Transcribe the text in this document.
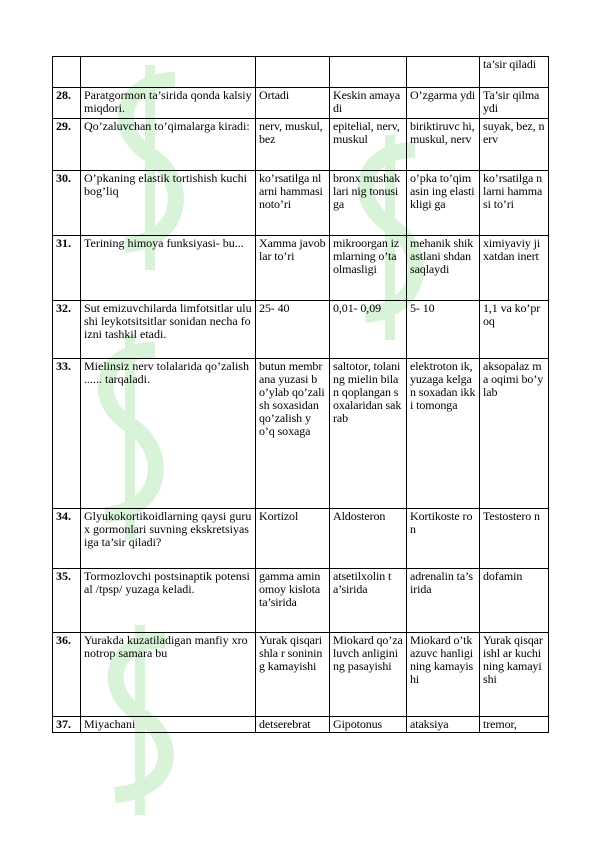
					ta’sir qiladi
28.	Paratgormon ta’sirida qonda kalsiy miqdori.	Ortadi	Keskin amayadi	O’zgarma ydi	Ta’sir qilmaydi
29.	Qo’zaluvchan to’qimalarga kiradi:	nerv, muskul, bez	epitelial, nerv, muskul	biriktiruvc hi, muskul, nerv	suyak, bez, nerv
30.	O’pkaning elastik tortishish kuchi bog’liq	ko’rsatilga nlarni hammasi noto’ri	bronx mushaklari nig tonusiga	o’pka to’qimasin ing elastikligi ga	ko’rsatilga nlarni hammasi to’ri
31.	Terining himoya funksiyasi- bu...	Xamma javoblar to’ri	mikroorgan izmlarning o’ta olmasligi	mehanik shikastlani shdan saqlaydi	ximiyaviy jixatdan inert
32.	Sut emizuvchilarda limfotsitlar ulushi leykotsitsitlar sonidan necha foizni tashkil etadi.	25- 40	0,01- 0,09	5- 10	1,1 va ko’proq
33.	Mielinsiz nerv tolalarida qo’zalish ...... tarqaladi.	butun membrana yuzasi bo’ylab qo’zalish soxasidan qo’zalish yo’q soxaga	saltotor, tolaning mielin bilan qoplangan soxalaridan sakrab	elektroton ik, yuzaga kelgan soxadan ikki tomonga	aksopalaz ma oqimi bo’ylab
34.	Glyukokortikoidlarning qaysi gurux gormonlari suvning ekskretsiyasiga ta’sir qiladi?	Kortizol	Aldosteron	Kortikoste ron	Testostero n
35.	Tormozlovchi postsinaptik potensial /tpsp/ yuzaga keladi.	gamma aminomoy kislota ta’sirida	atsetilxolin ta’sirida	adrenalin ta’sirida	dofamin
36.	Yurakda kuzatiladigan manfiy xronotrop samara bu	Yurak qisqarishla r sonining kamayishi	Miokard qo’zaluvch anligining pasayishi	Miokard o’tkazuvc hanligining kamayishi	Yurak qisqarishl ar kuchining kamayishi
37.	Miyachani	detserebrat	Gipotonus	ataksiya	tremor,
